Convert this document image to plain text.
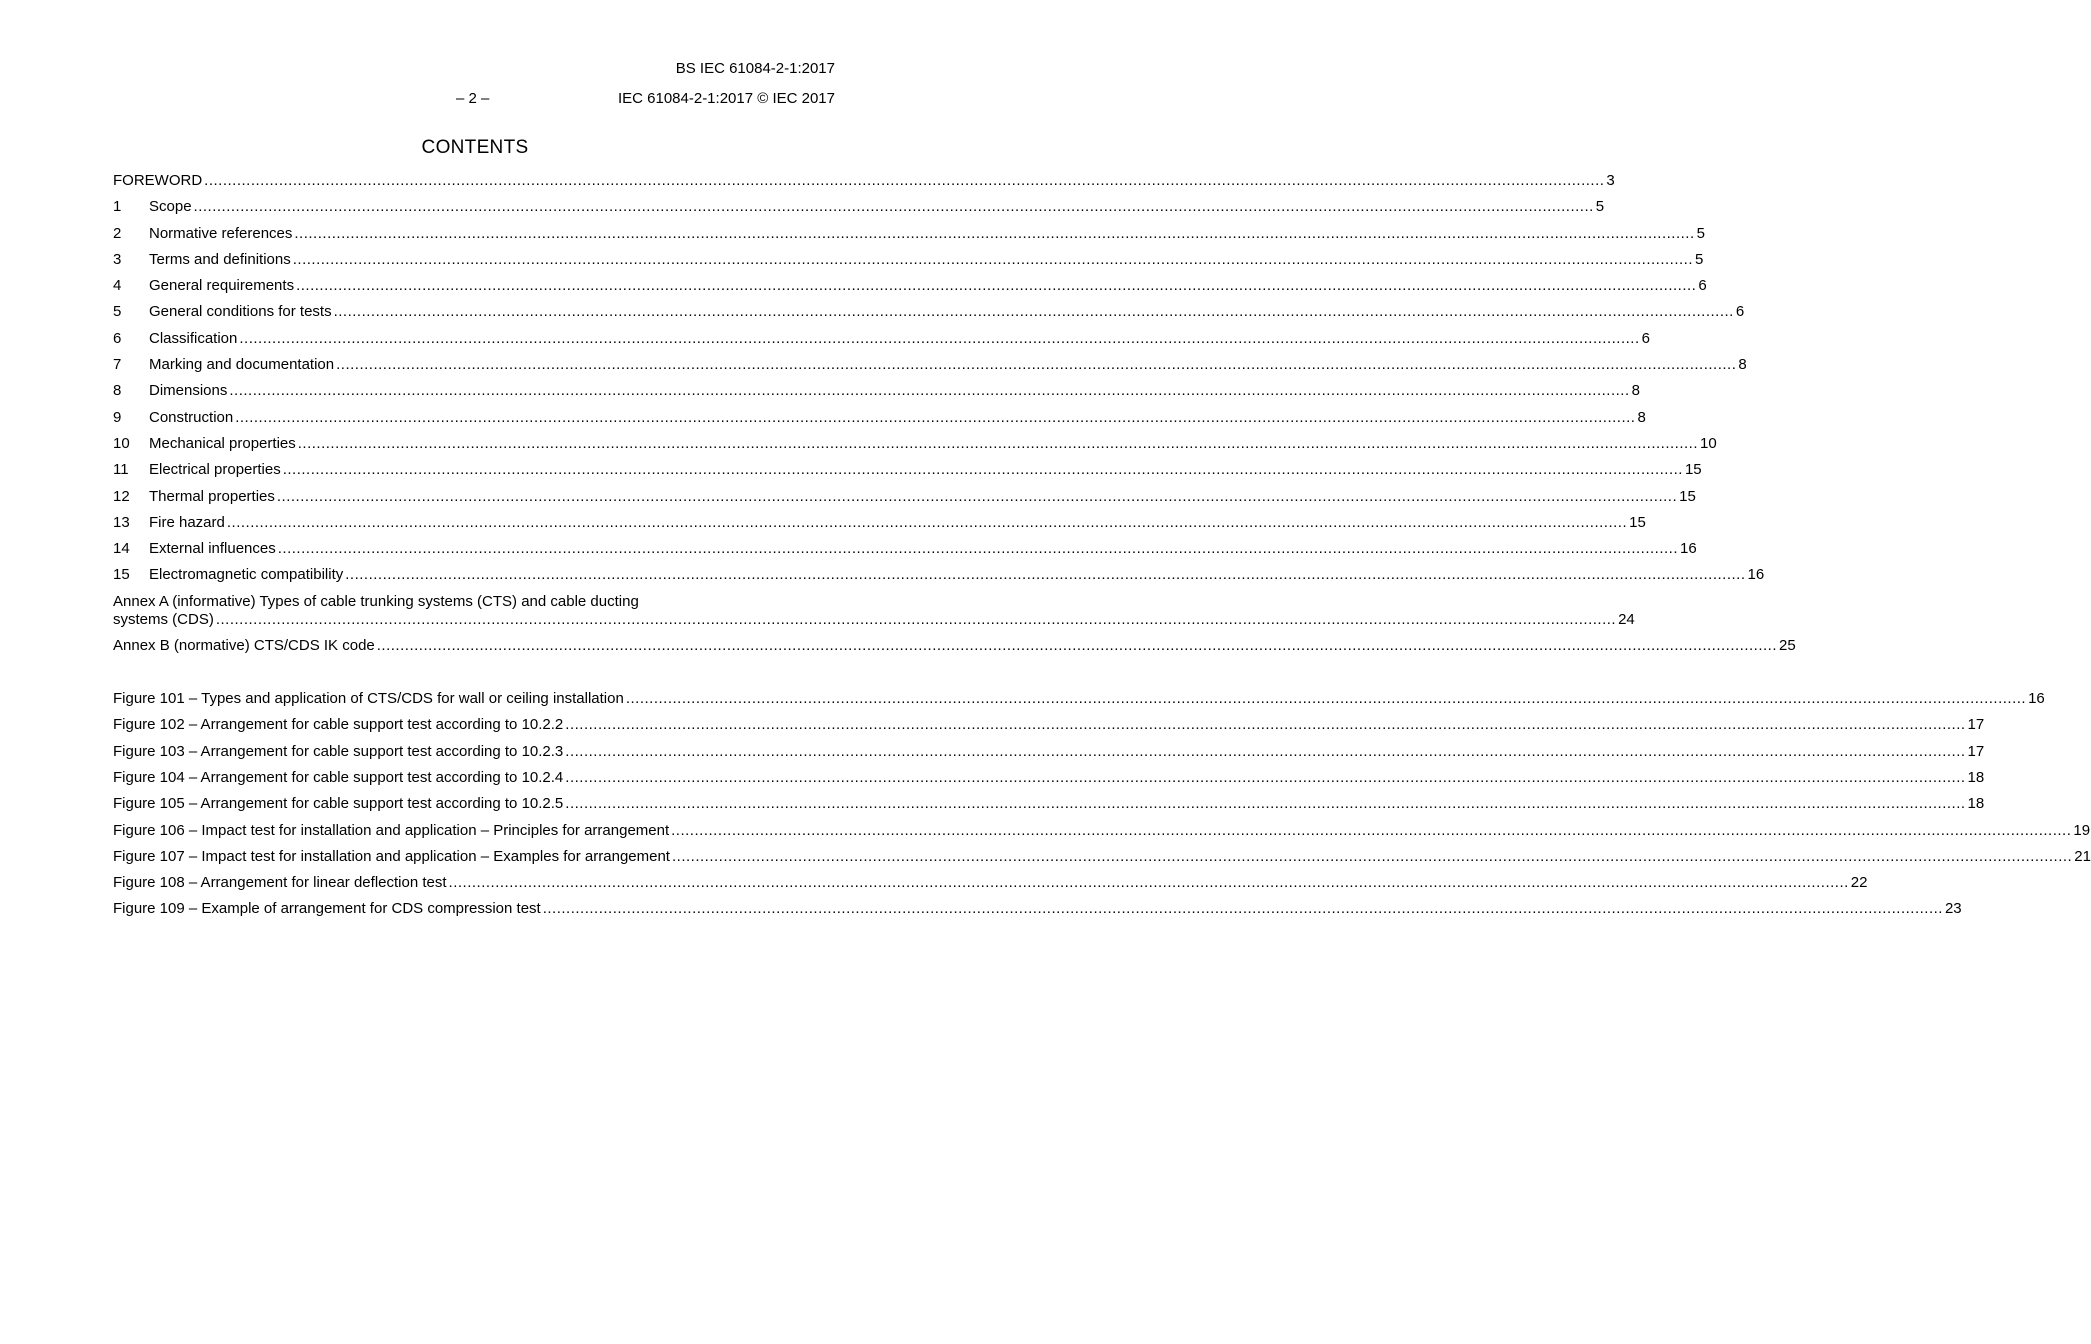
BS IEC 61084-2-1:2017
– 2 –	IEC 61084-2-1:2017 © IEC 2017
CONTENTS
FOREWORD ............................................................................................................................................................................................................................................................................................................ 3
1	Scope ............................................................................................................................................................................................................................................................................................................ 5
2	Normative references ............................................................................................................................................................................................................................................................................................................ 5
3	Terms and definitions ............................................................................................................................................................................................................................................................................................................ 5
4	General requirements ............................................................................................................................................................................................................................................................................................................ 6
5	General conditions for tests ............................................................................................................................................................................................................................................................................................................ 6
6	Classification ............................................................................................................................................................................................................................................................................................................ 6
7	Marking and documentation ............................................................................................................................................................................................................................................................................................................ 8
8	Dimensions ............................................................................................................................................................................................................................................................................................................ 8
9	Construction ............................................................................................................................................................................................................................................................................................................ 8
10	Mechanical properties ............................................................................................................................................................................................................................................................................................................ 10
11	Electrical properties ............................................................................................................................................................................................................................................................................................................ 15
12	Thermal properties ............................................................................................................................................................................................................................................................................................................ 15
13	Fire hazard ............................................................................................................................................................................................................................................................................................................ 15
14	External influences ............................................................................................................................................................................................................................................................................................................ 16
15	Electromagnetic compatibility ............................................................................................................................................................................................................................................................................................................ 16
Annex A (informative) Types of cable trunking systems (CTS) and cable ducting
systems (CDS) ............................................................................................................................................................................................................................................................................................................ 24
Annex B (normative) CTS/CDS IK code ............................................................................................................................................................................................................................................................................................................ 25
Figure 101 – Types and application of CTS/CDS for wall or ceiling installation ............................................................................................................................................................................................................................................................................................................ 16
Figure 102 – Arrangement for cable support test according to 10.2.2 ............................................................................................................................................................................................................................................................................................................ 17
Figure 103 – Arrangement for cable support test according to 10.2.3 ............................................................................................................................................................................................................................................................................................................ 17
Figure 104 – Arrangement for cable support test according to 10.2.4 ............................................................................................................................................................................................................................................................................................................ 18
Figure 105 – Arrangement for cable support test according to 10.2.5 ............................................................................................................................................................................................................................................................................................................ 18
Figure 106 – Impact test for installation and application – Principles for arrangement ............................................................................................................................................................................................................................................................................................................ 19
Figure 107 – Impact test for installation and application – Examples for arrangement ............................................................................................................................................................................................................................................................................................................ 21
Figure 108 – Arrangement for linear deflection test ............................................................................................................................................................................................................................................................................................................ 22
Figure 109 – Example of arrangement for CDS compression test ............................................................................................................................................................................................................................................................................................................ 23
